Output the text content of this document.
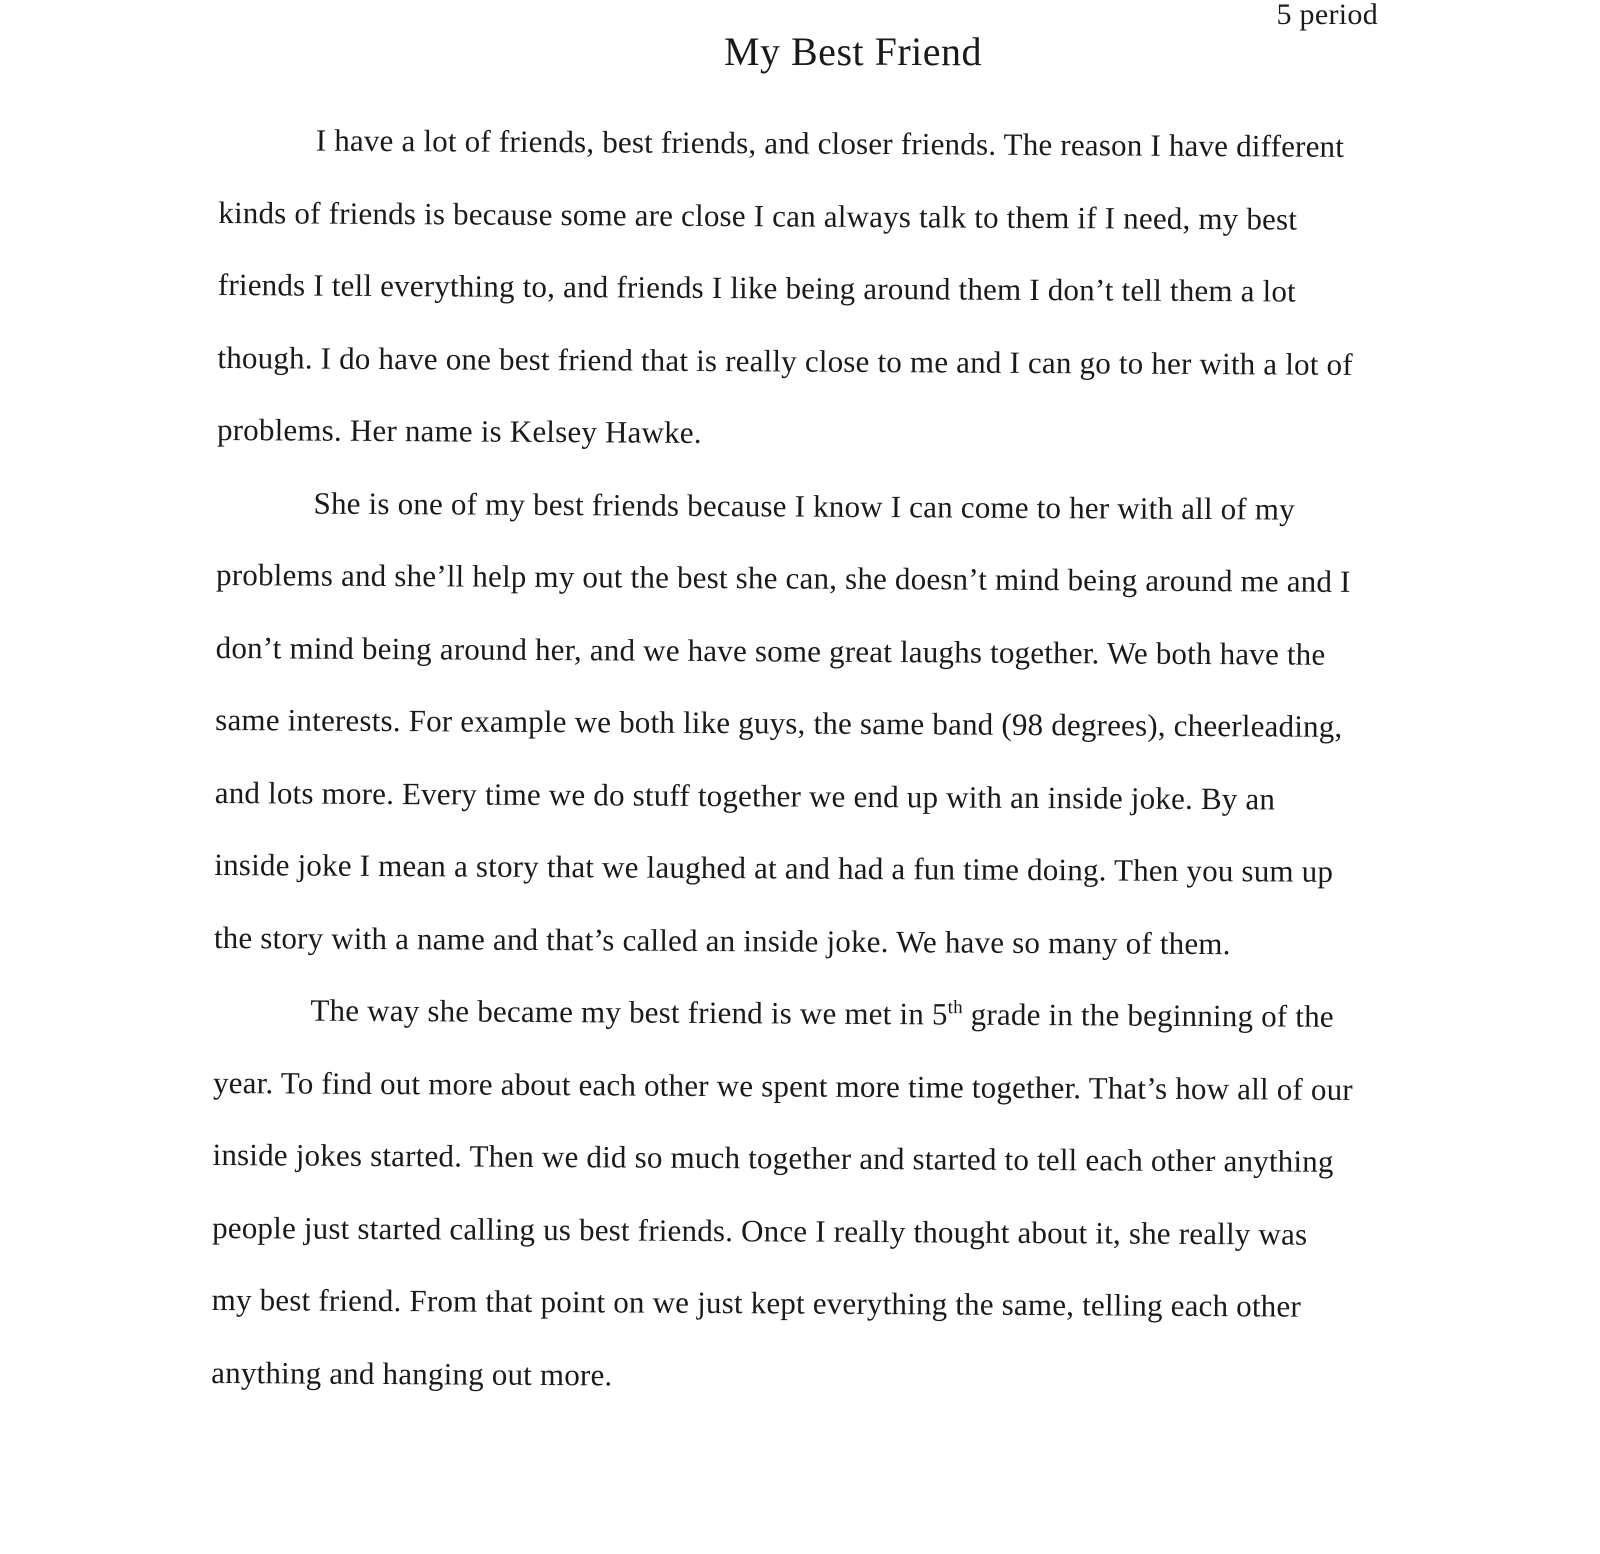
5 period
My Best Friend

I have a lot of friends, best friends, and closer friends. The reason I have different kinds of friends is because some are close I can always talk to them if I need, my best friends I tell everything to, and friends I like being around them I don’t tell them a lot though. I do have one best friend that is really close to me and I can go to her with a lot of problems. Her name is Kelsey Hawke.

She is one of my best friends because I know I can come to her with all of my problems and she’ll help my out the best she can, she doesn’t mind being around me and I don’t mind being around her, and we have some great laughs together. We both have the same interests. For example we both like guys, the same band (98 degrees), cheerleading, and lots more. Every time we do stuff together we end up with an inside joke. By an inside joke I mean a story that we laughed at and had a fun time doing. Then you sum up the story with a name and that’s called an inside joke. We have so many of them.

The way she became my best friend is we met in 5th grade in the beginning of the year. To find out more about each other we spent more time together. That’s how all of our inside jokes started. Then we did so much together and started to tell each other anything people just started calling us best friends. Once I really thought about it, she really was my best friend. From that point on we just kept everything the same, telling each other anything and hanging out more.
